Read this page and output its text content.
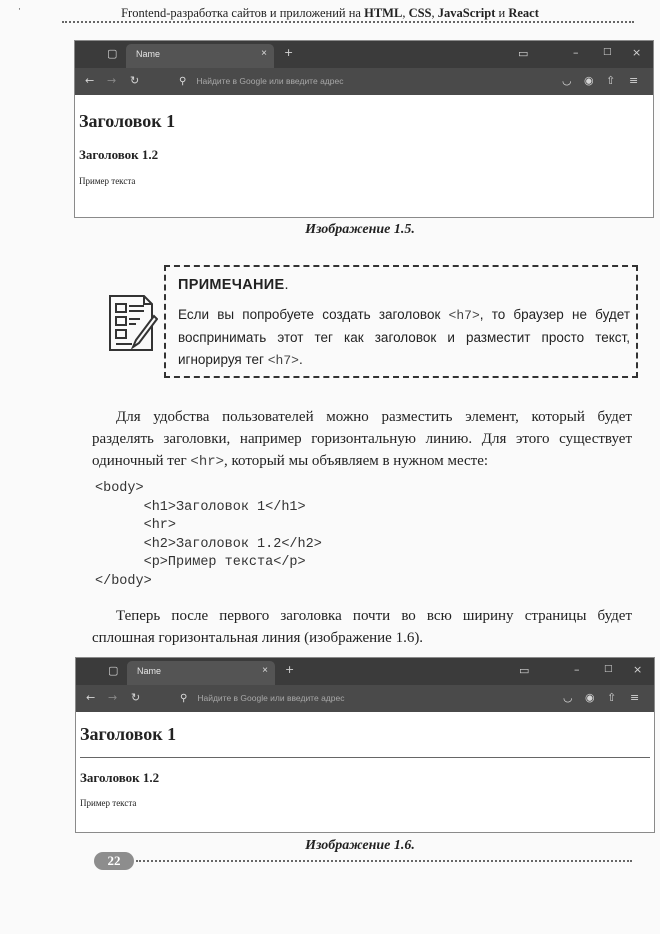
·	Frontend-разработка сайтов и приложений на HTML, CSS, JavaScript и React
▢ Name	× +	▭	–	□ ×
← → ↻	⚲ Найдите в Google или введите адрес	◡ ◉ ⇧ ≡
Заголовок 1
Заголовок 1.2
Пример текста
Изображение 1.5.
ПРИМЕЧАНИЕ.
Если вы попробуете создать заголовок <h7>, то браузер не будет воспринимать этот тег как заголовок и разместит просто текст, игнорируя тег <h7>.
Для удобства пользователей можно разместить элемент, который будет разделять заголовки, например горизонтальную линию. Для этого существует одиночный тег <hr>, который мы объявляем в нужном месте:
<body>
<h1>Заголовок 1</h1>
<hr>
<h2>Заголовок 1.2</h2>
<p>Пример текста</p>
</body>
Теперь после первого заголовка почти во всю ширину страницы будет сплошная горизонтальная линия (изображение 1.6).
▢ Name	× +	▭	–	□ ×
← → ↻	⚲ Найдите в Google или введите адрес	◡ ◉ ⇧ ≡
Заголовок 1
Заголовок 1.2
Пример текста
Изображение 1.6.
22
